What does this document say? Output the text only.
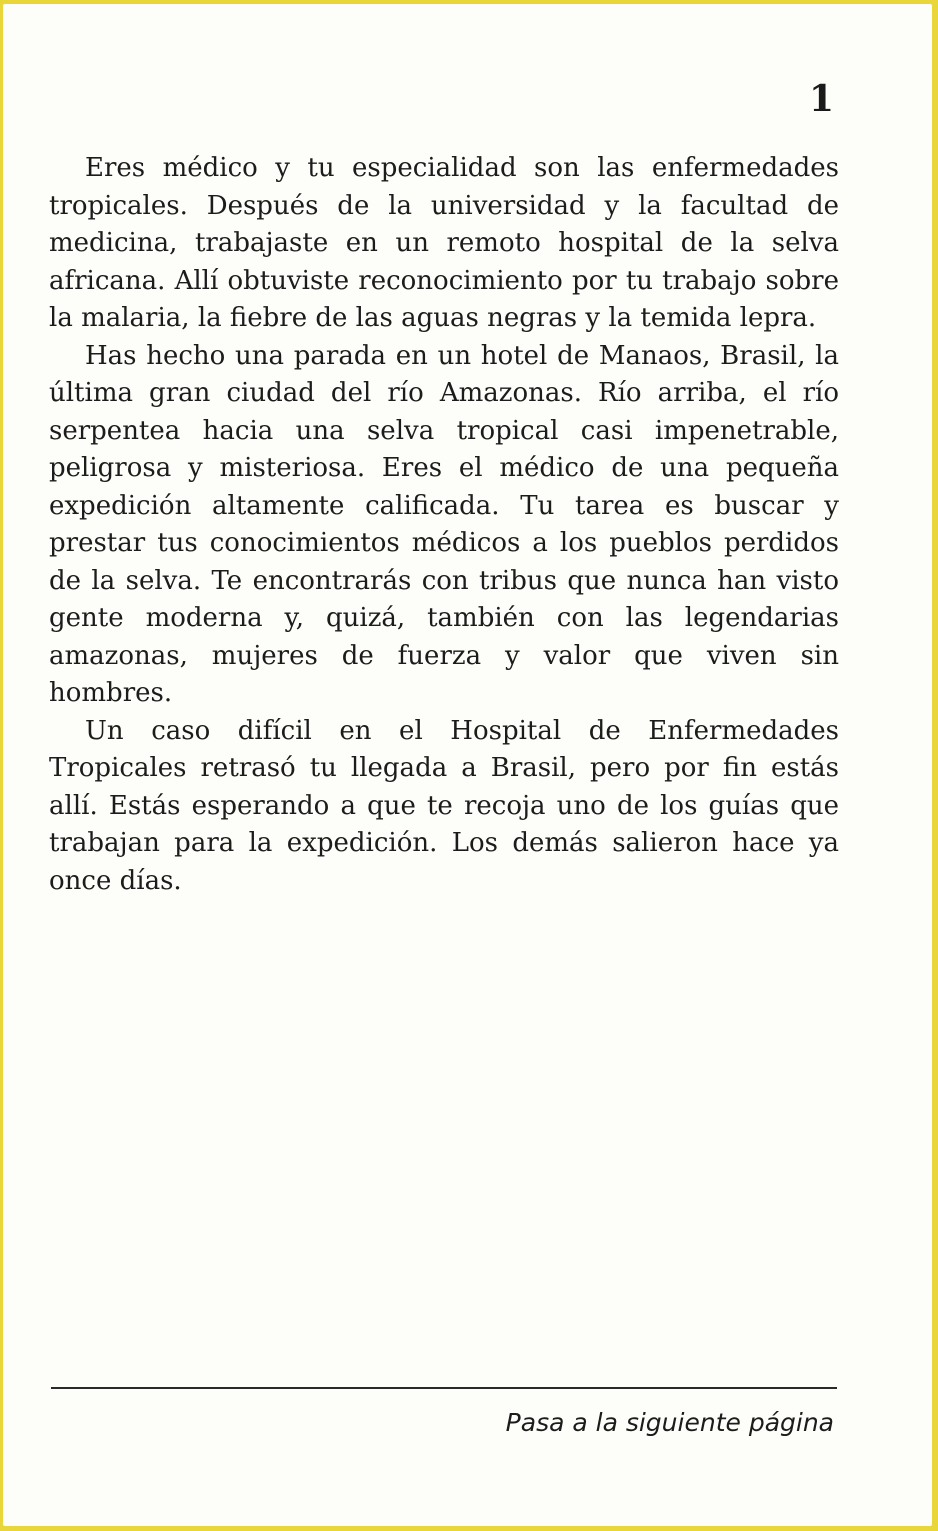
1

Eres médico y tu especialidad son las enfermedades tropicales. Después de la universidad y la facultad de medicina, trabajaste en un remoto hospital de la selva africana. Allí obtuviste reconocimiento por tu trabajo sobre la malaria, la fiebre de las aguas negras y la temida lepra.

Has hecho una parada en un hotel de Manaos, Brasil, la última gran ciudad del río Amazonas. Río arriba, el río serpentea hacia una selva tropical casi impenetrable, peligrosa y misteriosa. Eres el médico de una pequeña expedición altamente calificada. Tu tarea es buscar y prestar tus conocimientos médicos a los pueblos perdidos de la selva. Te encontrarás con tribus que nunca han visto gente moderna y, quizá, también con las legendarias amazonas, mujeres de fuerza y valor que viven sin hombres.

Un caso difícil en el Hospital de Enfermedades Tropicales retrasó tu llegada a Brasil, pero por fin estás allí. Estás esperando a que te recoja uno de los guías que trabajan para la expedición. Los demás salieron hace ya once días.

Pasa a la siguiente página
